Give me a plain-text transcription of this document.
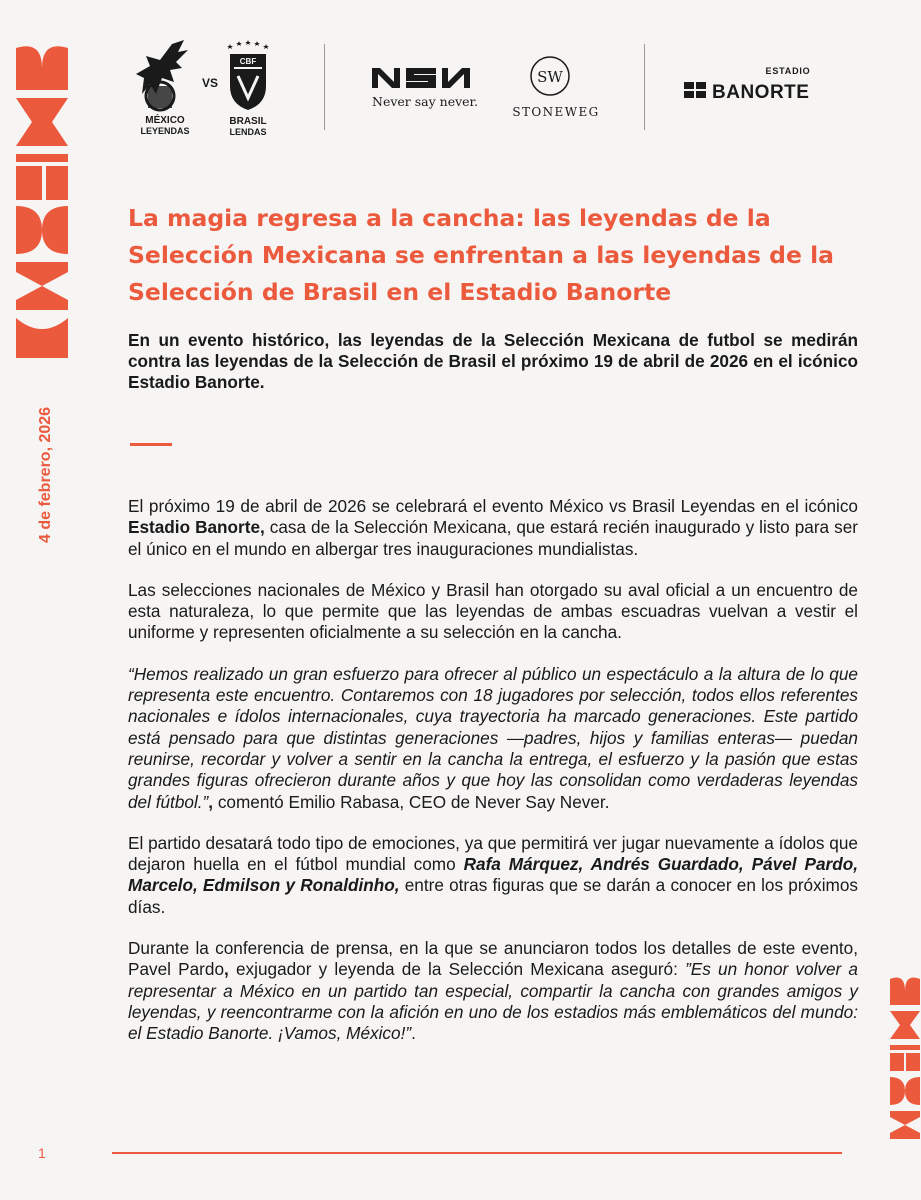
4 de febrero, 2026
MÉXICO
LEYENDAS
VS
CBF
BRASIL
LENDAS
Never say never.
SW
STONEWEG
ESTADIO
BANORTE
La magia regresa a la cancha: las leyendas de la Selección Mexicana se enfrentan a las leyendas de la Selección de Brasil en el Estadio Banorte

En un evento histórico, las leyendas de la Selección Mexicana de futbol se medirán contra las leyendas de la Selección de Brasil el próximo 19 de abril de 2026 en el icónico Estadio Banorte.

El próximo 19 de abril de 2026 se celebrará el evento México vs Brasil Leyendas en el icónico Estadio Banorte, casa de la Selección Mexicana, que estará recién inaugurado y listo para ser el único en el mundo en albergar tres inauguraciones mundialistas.

Las selecciones nacionales de México y Brasil han otorgado su aval oficial a un encuentro de esta naturaleza, lo que permite que las leyendas de ambas escuadras vuelvan a vestir el uniforme y representen oficialmente a su selección en la cancha.

“Hemos realizado un gran esfuerzo para ofrecer al público un espectáculo a la altura de lo que representa este encuentro. Contaremos con 18 jugadores por selección, todos ellos referentes nacionales e ídolos internacionales, cuya trayectoria ha marcado generaciones. Este partido está pensado para que distintas generaciones —padres, hijos y familias enteras— puedan reunirse, recordar y volver a sentir en la cancha la entrega, el esfuerzo y la pasión que estas grandes figuras ofrecieron durante años y que hoy las consolidan como verdaderas leyendas del fútbol.”, comentó Emilio Rabasa, CEO de Never Say Never.

El partido desatará todo tipo de emociones, ya que permitirá ver jugar nuevamente a ídolos que dejaron huella en el fútbol mundial como Rafa Márquez, Andrés Guardado, Pável Pardo, Marcelo, Edmilson y Ronaldinho, entre otras figuras que se darán a conocer en los próximos días.

Durante la conferencia de prensa, en la que se anunciaron todos los detalles de este evento, Pavel Pardo, exjugador y leyenda de la Selección Mexicana aseguró: ”Es un honor volver a representar a México en un partido tan especial, compartir la cancha con grandes amigos y leyendas, y reencontrarme con la afición en uno de los estadios más emblemáticos del mundo: el Estadio Banorte. ¡Vamos, México!”.

1
